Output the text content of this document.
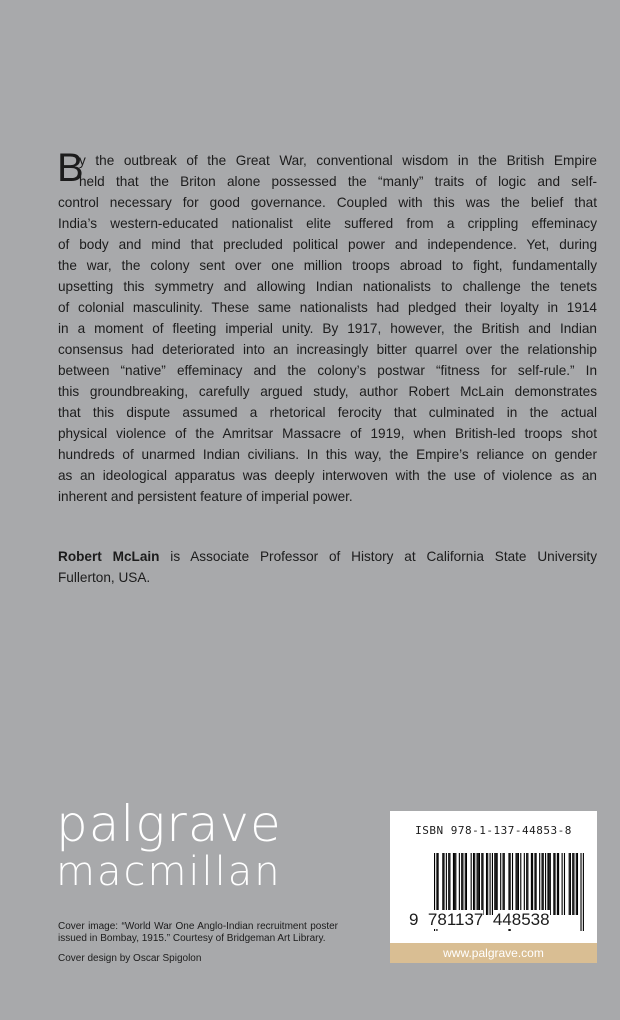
B
y the outbreak of the Great War, conventional wisdom in the British Empire
held that the Briton alone possessed the “manly” traits of logic and self-
control necessary for good governance. Coupled with this was the belief that
India’s western-educated nationalist elite suffered from a crippling effeminacy
of body and mind that precluded political power and independence. Yet, during
the war, the colony sent over one million troops abroad to fight, fundamentally
upsetting this symmetry and allowing Indian nationalists to challenge the tenets
of colonial masculinity. These same nationalists had pledged their loyalty in 1914
in a moment of fleeting imperial unity. By 1917, however, the British and Indian
consensus had deteriorated into an increasingly bitter quarrel over the relationship
between “native” effeminacy and the colony’s postwar “fitness for self-rule.” In
this groundbreaking, carefully argued study, author Robert McLain demonstrates
that this dispute assumed a rhetorical ferocity that culminated in the actual
physical violence of the Amritsar Massacre of 1919, when British-led troops shot
hundreds of unarmed Indian civilians. In this way, the Empire’s reliance on gender
as an ideological apparatus was deeply interwoven with the use of violence as an
inherent and persistent feature of imperial power.
Robert McLain is Associate Professor of History at California State University
Fullerton, USA.
palgrave
macmillan
Cover image: “World War One Anglo-Indian recruitment poster
issued in Bombay, 1915.” Courtesy of Bridgeman Art Library.
Cover design by Oscar Spigolon
ISBN 978-1-137-44853-8
9 781137 448538
www.palgrave.com
